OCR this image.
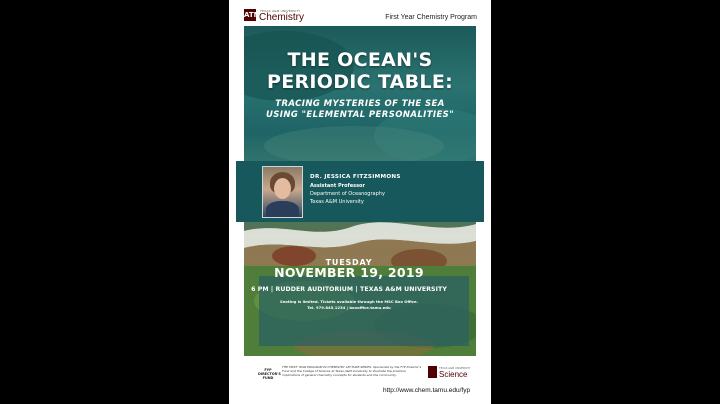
ATM TEXAS A&M UNIVERSITY
Chemistry	First Year Chemistry Program
THE OCEAN'S
PERIODIC TABLE:
TRACING MYSTERIES OF THE SEA
USING "ELEMENTAL PERSONALITIES"
DR. JESSICA FITZSIMMONS
Assistant Professor
Department of Oceanography
Texas A&M University
TUESDAY
NOVEMBER 19, 2019
6 PM | RUDDER AUDITORIUM | TEXAS A&M UNIVERSITY
Seating is limited. Tickets available through the MSC Box Office.
Tel. 979.845.1234 | boxoffice.tamu.edu
FYP DIRECTOR'S FUND
THE FIRST YEAR PROGRAM IN CHEMISTRY LECTURE SERIES: Sponsored by the FYP Director's Fund and the College of Science at Texas A&M University to illustrate the practical implications of general chemistry concepts for students and the community.
TEXAS A&M UNIVERSITY
Science
http://www.chem.tamu.edu/fyp
